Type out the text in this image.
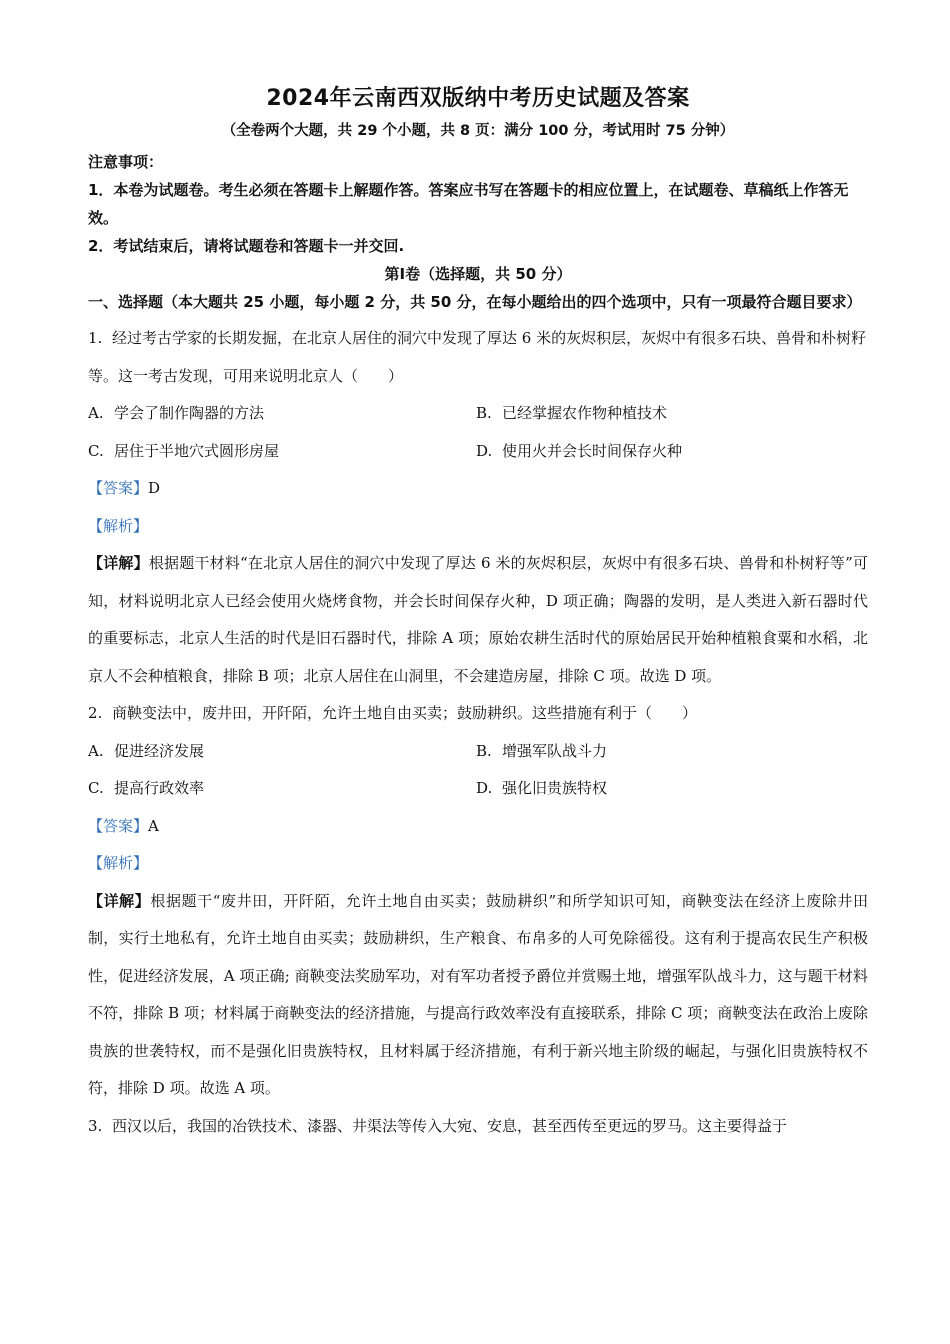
2024年云南西双版纳中考历史试题及答案

（全卷两个大题，共 29 个小题，共 8 页：满分 100 分，考试用时 75 分钟）

注意事项：

1．本卷为试题卷。考生必须在答题卡上解题作答。答案应书写在答题卡的相应位置上，在试题卷、草稿纸上作答无效。

2．考试结束后，请将试题卷和答题卡一并交回.

第Ⅰ卷（选择题，共 50 分）

一、选择题（本大题共 25 小题，每小题 2 分，共 50 分，在每小题给出的四个选项中，只有一项最符合题目要求）

1. 经过考古学家的长期发掘，在北京人居住的洞穴中发现了厚达 6 米的灰烬积层，灰烬中有很多石块、兽骨和朴树籽等。这一考古发现，可用来说明北京人（　　）

A. 学会了制作陶器的方法	B. 已经掌握农作物种植技术
C. 居住于半地穴式圆形房屋	D. 使用火并会长时间保存火种

【答案】D

【解析】

【详解】根据题干材料“在北京人居住的洞穴中发现了厚达 6 米的灰烬积层，灰烬中有很多石块、兽骨和朴树籽等”可知，材料说明北京人已经会使用火烧烤食物，并会长时间保存火种，D 项正确；陶器的发明，是人类进入新石器时代的重要标志，北京人生活的时代是旧石器时代，排除 A 项；原始农耕生活时代的原始居民开始种植粮食粟和水稻，北京人不会种植粮食，排除 B 项；北京人居住在山洞里，不会建造房屋，排除 C 项。故选 D 项。

2. 商鞅变法中，废井田，开阡陌，允许土地自由买卖；鼓励耕织。这些措施有利于（　　）

A. 促进经济发展	B. 增强军队战斗力
C. 提高行政效率	D. 强化旧贵族特权

【答案】A

【解析】

【详解】根据题干“废井田，开阡陌，允许土地自由买卖；鼓励耕织”和所学知识可知，商鞅变法在经济上废除井田制，实行土地私有，允许土地自由买卖；鼓励耕织，生产粮食、布帛多的人可免除徭役。这有利于提高农民生产积极性，促进经济发展，A 项正确; 商鞅变法奖励军功，对有军功者授予爵位并赏赐土地，增强军队战斗力，这与题干材料不符，排除 B 项；材料属于商鞅变法的经济措施，与提高行政效率没有直接联系，排除 C 项；商鞅变法在政治上废除贵族的世袭特权，而不是强化旧贵族特权，且材料属于经济措施，有利于新兴地主阶级的崛起，与强化旧贵族特权不符，排除 D 项。故选 A 项。

3. 西汉以后，我国的冶铁技术、漆器、井渠法等传入大宛、安息，甚至西传至更远的罗马。这主要得益于
